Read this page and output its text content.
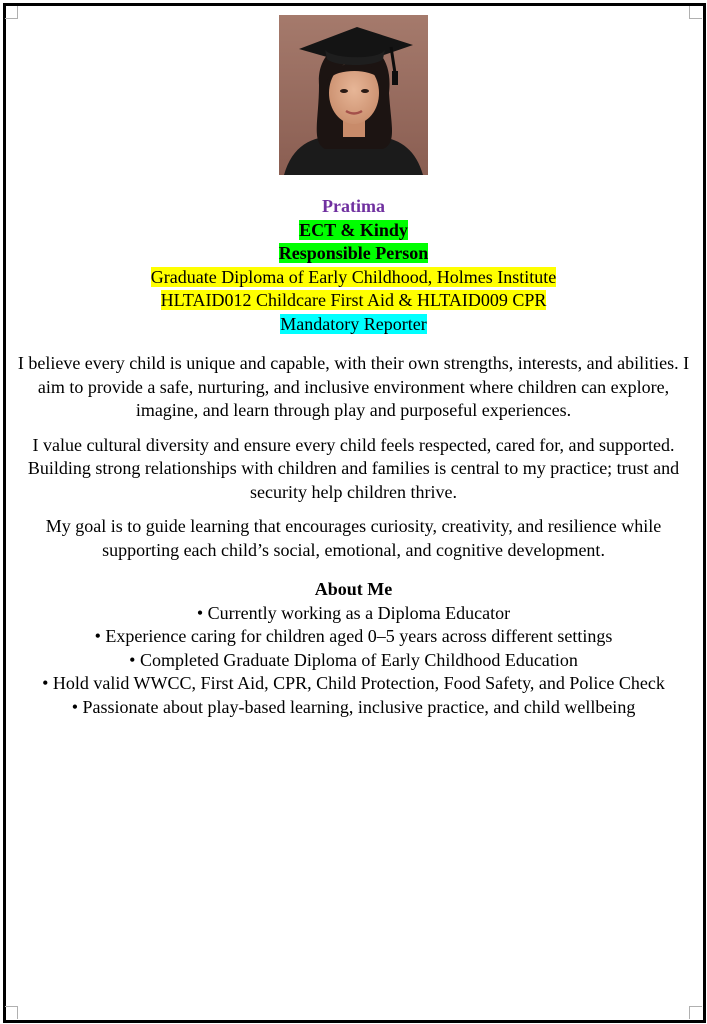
Pratima
ECT & Kindy
Responsible Person
Graduate Diploma of Early Childhood, Holmes Institute
HLTAID012 Childcare First Aid & HLTAID009 CPR
Mandatory Reporter

I believe every child is unique and capable, with their own strengths, interests, and abilities. I aim to provide a safe, nurturing, and inclusive environment where children can explore, imagine, and learn through play and purposeful experiences.

I value cultural diversity and ensure every child feels respected, cared for, and supported. Building strong relationships with children and families is central to my practice; trust and security help children thrive.

My goal is to guide learning that encourages curiosity, creativity, and resilience while supporting each child’s social, emotional, and cognitive development.

About Me
• Currently working as a Diploma Educator
• Experience caring for children aged 0–5 years across different settings
• Completed Graduate Diploma of Early Childhood Education
• Hold valid WWCC, First Aid, CPR, Child Protection, Food Safety, and Police Check
• Passionate about play-based learning, inclusive practice, and child wellbeing
